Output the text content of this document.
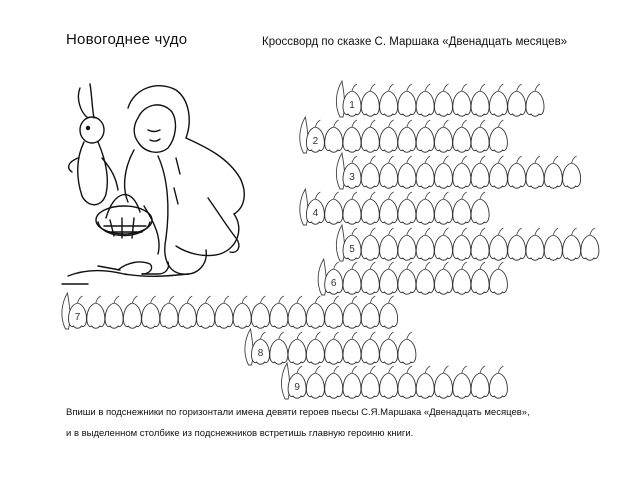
Новогоднее чудо	Кроссворд по сказке С. Маршака «Двенадцать месяцев»
1
2
3
4
5
6
7
8
9
Впиши в подснежники по горизонтали имена девяти героев пьесы С.Я.Маршака «Двенадцать месяцев»,
и в выделенном столбике из подснежников встретишь главную героиню книги.
